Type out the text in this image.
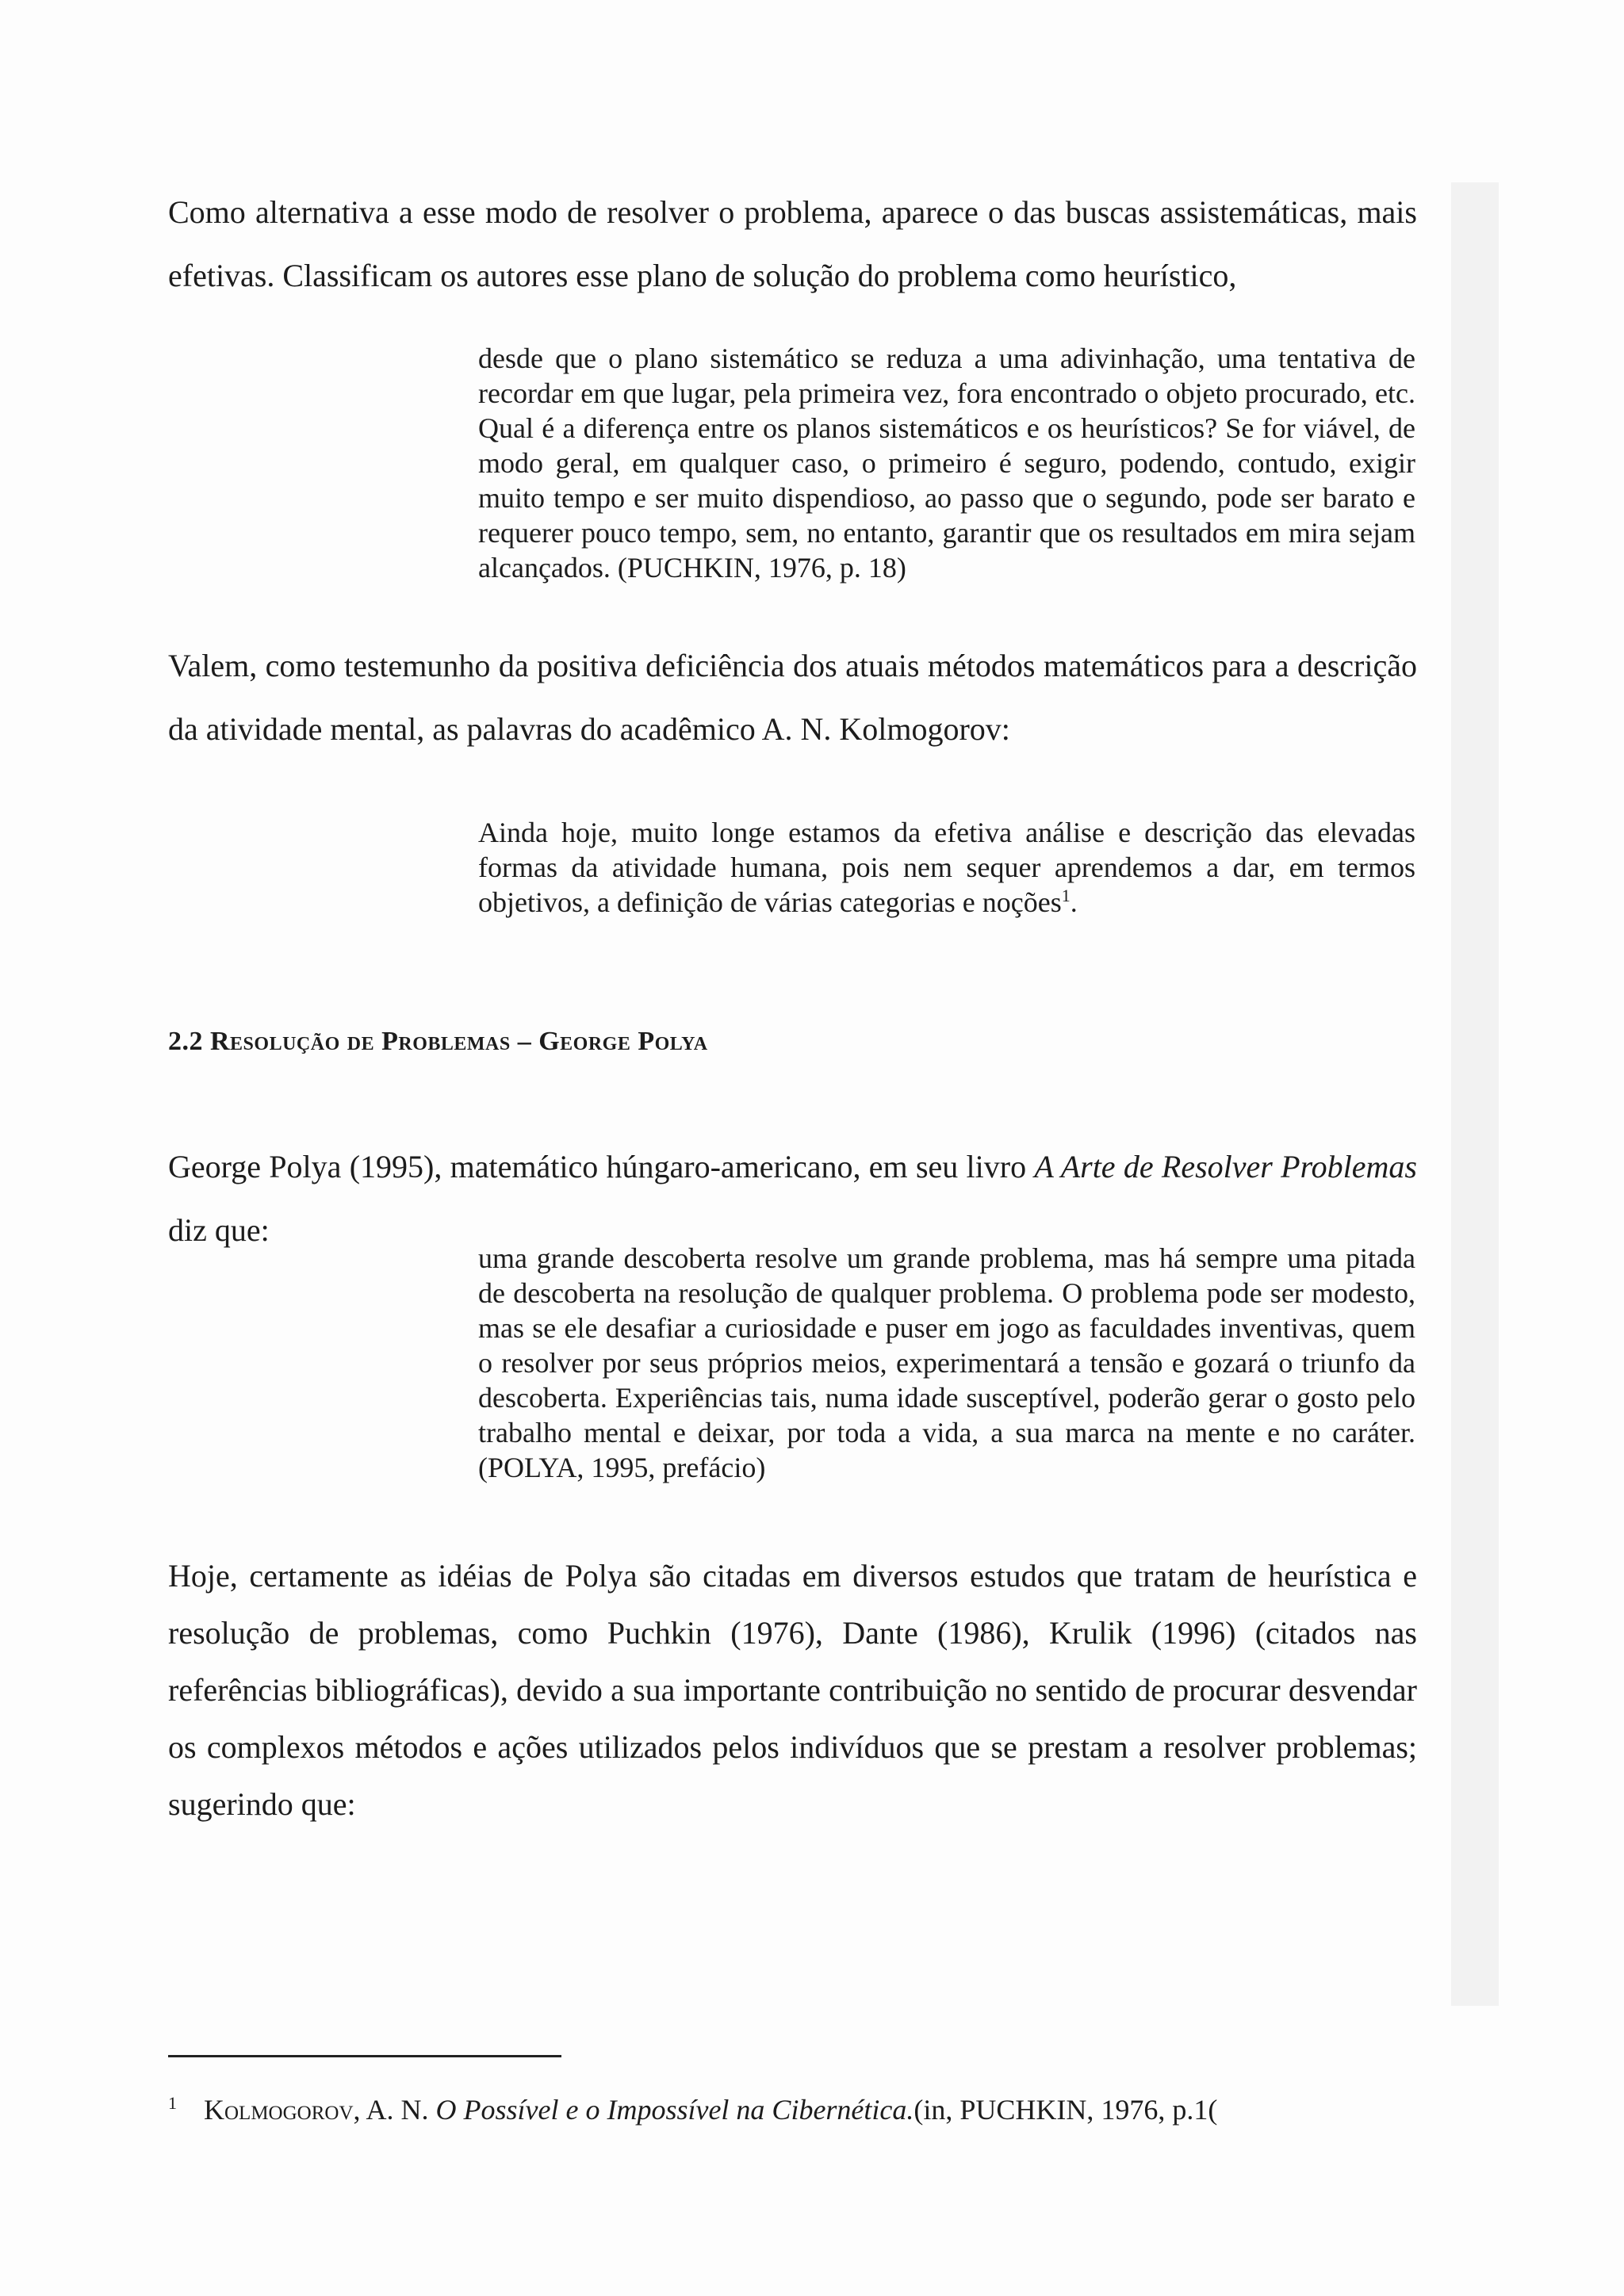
Como alternativa a esse modo de resolver o problema, aparece o das buscas assistemáticas, mais efetivas. Classificam os autores esse plano de solução do problema como heurístico,

desde que o plano sistemático se reduza a uma adivinhação, uma tentativa de recordar em que lugar, pela primeira vez, fora encontrado o objeto procurado, etc. Qual é a diferença entre os planos sistemáticos e os heurísticos? Se for viável, de modo geral, em qualquer caso, o primeiro é seguro, podendo, contudo, exigir muito tempo e ser muito dispendioso, ao passo que o segundo, pode ser barato e requerer pouco tempo, sem, no entanto, garantir que os resultados em mira sejam alcançados. (PUCHKIN, 1976, p. 18)

Valem, como testemunho da positiva deficiência dos atuais métodos matemáticos para a descrição da atividade mental, as palavras do acadêmico A. N. Kolmogorov:

Ainda hoje, muito longe estamos da efetiva análise e descrição das elevadas formas da atividade humana, pois nem sequer aprendemos a dar, em termos objetivos, a definição de várias categorias e noções$^1$.

2.2 Resolução de Problemas – George Polya

George Polya (1995), matemático húngaro-americano, em seu livro A Arte de Resolver Problemas diz que:

uma grande descoberta resolve um grande problema, mas há sempre uma pitada de descoberta na resolução de qualquer problema. O problema pode ser modesto, mas se ele desafiar a curiosidade e puser em jogo as faculdades inventivas, quem o resolver por seus próprios meios, experimentará a tensão e gozará o triunfo da descoberta. Experiências tais, numa idade susceptível, poderão gerar o gosto pelo trabalho mental e deixar, por toda a vida, a sua marca na mente e no caráter. (POLYA, 1995, prefácio)

Hoje, certamente as idéias de Polya são citadas em diversos estudos que tratam de heurística e resolução de problemas, como Puchkin (1976), Dante (1986), Krulik (1996) (citados nas referências bibliográficas), devido a sua importante contribuição no sentido de procurar desvendar os complexos métodos e ações utilizados pelos indivíduos que se prestam a resolver problemas; sugerindo que:

$^1$ Kolmogorov, A. N. O Possível e o Impossível na Cibernética.(in, PUCHKIN, 1976, p.1(
